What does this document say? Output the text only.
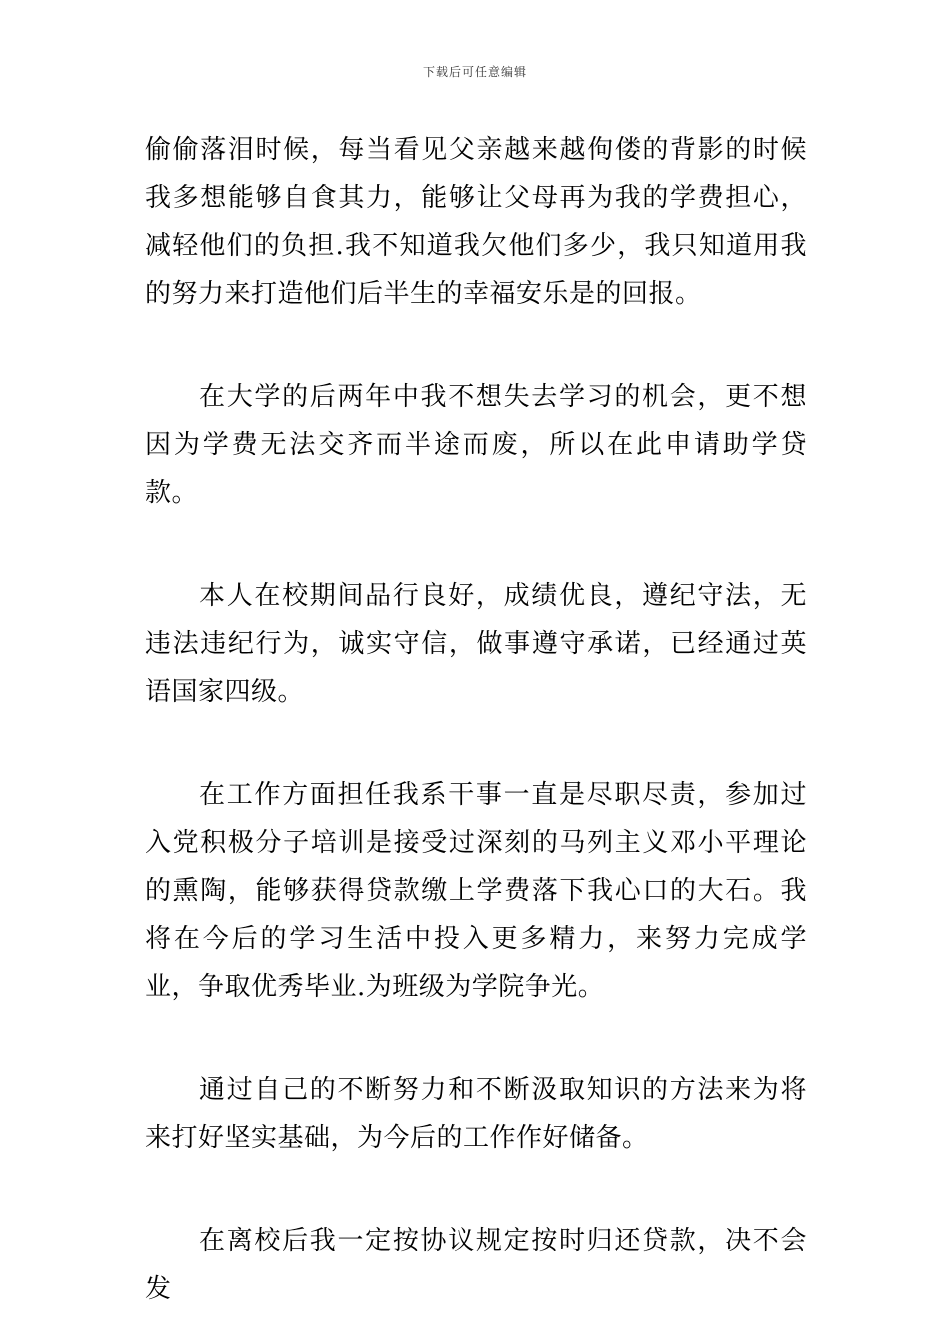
下载后可任意编辑

偷偷落泪时候，每当看见父亲越来越佝偻的背影的时候我多想能够自食其力，能够让父母再为我的学费担心，减轻他们的负担.我不知道我欠他们多少，我只知道用我的努力来打造他们后半生的幸福安乐是的回报。

在大学的后两年中我不想失去学习的机会，更不想因为学费无法交齐而半途而废，所以在此申请助学贷款。

本人在校期间品行良好，成绩优良，遵纪守法，无违法违纪行为，诚实守信，做事遵守承诺，已经通过英语国家四级。

在工作方面担任我系干事一直是尽职尽责，参加过入党积极分子培训是接受过深刻的马列主义邓小平理论的熏陶，能够获得贷款缴上学费落下我心口的大石。我将在今后的学习生活中投入更多精力，来努力完成学业，争取优秀毕业.为班级为学院争光。

通过自己的不断努力和不断汲取知识的方法来为将来打好坚实基础，为今后的工作作好储备。

在离校后我一定按协议规定按时归还贷款，决不会发
